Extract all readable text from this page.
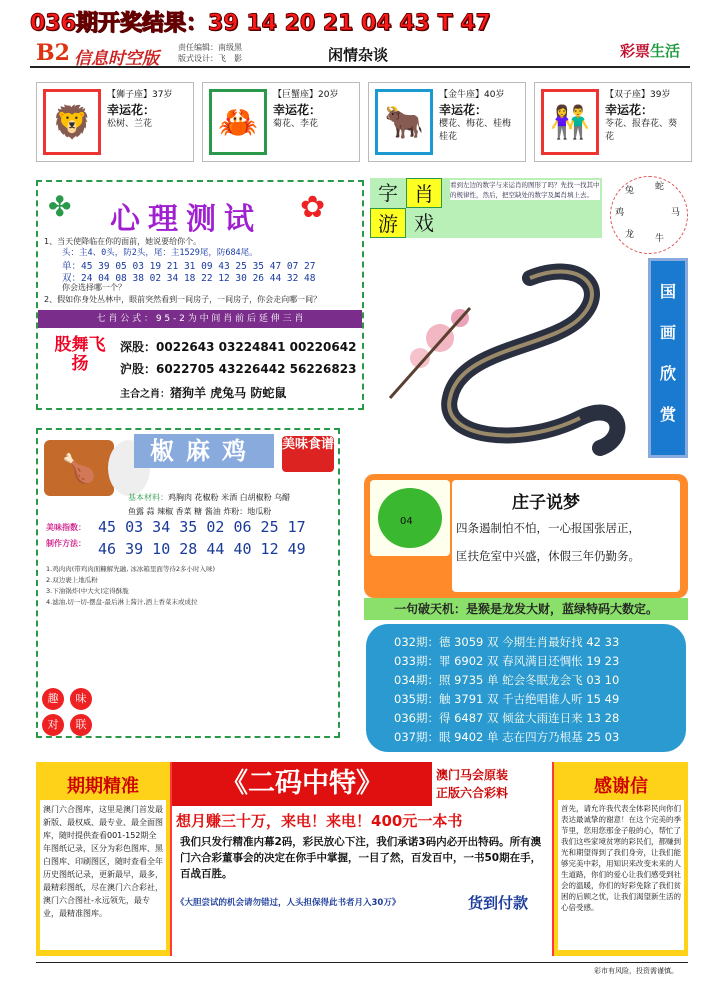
036期开奖结果：39 14 20 21 04 43 T 47
B2 信息时空版
责任编辑：南级黑
版式设计：飞　影	闲情杂谈	彩票生活
🦁
【狮子座】37岁
幸运花：
松树、兰花	🦀
【巨蟹座】20岁
幸运花：
菊花、李花	🐂
【金牛座】40岁
幸运花：
樱花、梅花、桂梅桂花	👫
【双子座】39岁
幸运花：
苓花、报春花、葵花
✤	✿
心理测试
1、当天使降临在你的面前，她说要给你个。
头：主4、0头，防2头，尾：主1529尾，防684尾。
单：45 39 05 03 19 21 31 09 43 25 35 47 07 27
双：24 04 08 38 02 34 18 22 12 30 26 44 32 48
你会选择哪一个？
2、假如你身处丛林中，眼前突然看到一间房子，一间房子，你会走向哪一间？
七 肖 公 式 ： 9 5 - 2 为 中 间 肖 前 后 延 伸 三 肖
股舞飞扬
深股：0022643 03224841 00220642
沪股：6022705 43226442 56226823
主合之肖：猪狗羊 虎兔马 防蛇鼠
🍗
椒麻鸡	美味食谱
基本材料：鸡胸肉 花椒粉 米酒 白胡椒粉 乌醋
鱼露 蒜 辣椒 香菜 糖 酱油 炸粉：地瓜粉
美味指数： 45 03 34 35 02 06 25 17
制作方法： 46 39 10 28 44 40 12 49
1.鸡肉肉(带鸡肉面糠解先融, 冰冰箱里面等待2多小时入味)
2.双边裹上地瓜粉
3.下油锅炸(中大火)定得酥脆
4.滤油,切一切-摆盘-最后淋上酱汁,洒上香菜末或成拉
趣	味
对	联
字 肖
游 戏
看到左边的数字与来运肖的图形了吗？先找一找其中的规律性，然后，把空缺处的数字及属肖填上去。	兔 蛇
马
牛
龙
鸡
国
画
欣
赏
04
庄子说梦
四条遏制怕不怕，一心报国张居正，
匡扶危室中兴盛，休假三年仍勤务。
一句破天机：是猴是龙发大财，蓝绿特码大数定。
032期：德 3059 双 今期生肖最好找 42 33
033期：罪 6902 双 春风满目还惆怅 19 23
034期：照 9735 单 蛇会冬眠龙会飞 03 10
035期：触 3791 双 千古绝唱谁人听 15 49
036期：得 6487 双 倾盆大雨连日来 13 28
037期：眼 9402 单 志在四方乃根基 25 03
期期精准
澳门六合图库，这里是澳门首发最新版、最权威、最专业、最全面图库，随时提供查看001-152期全年图纸记录，区分为彩色图库、黑白图库、印刷图区，随时查看全年历史图纸记录，更新最早，最多，最精彩图纸，尽在澳门六合彩社，澳门六合图社-永远领先，最专业，最精准图库。
《二码中特》	澳门马会原装
正版六合彩料
想月赚三十万，来电！来电！400元一本书
我们只发行精准内幕2码，彩民放心下注，我们承诺3码内必开出特码。所有澳门六合彩董事会的决定在你手中掌握，一目了然，百发百中，一书50期在手，百战百胜。
《大胆尝试的机会请勿错过，人头担保得此书者月入30万》	货到付款
感谢信
首先，请允许我代表全体彩民向你们表达最诚挚的谢意！在这个完美的季节里，您用您那金子般的心，帮忙了我们这些家境贫寒的彩民们，都赚到光和期望得到了我们身旁，让我们能够完美中彩，用知识来改变未来的人生道路，你们的爱心让我们感受到社会的温暖，你们的好彩免除了我们贫困的后顾之忧，让我们渴望新生活的心倍受感。
彩市有风险，投资需谨慎。
